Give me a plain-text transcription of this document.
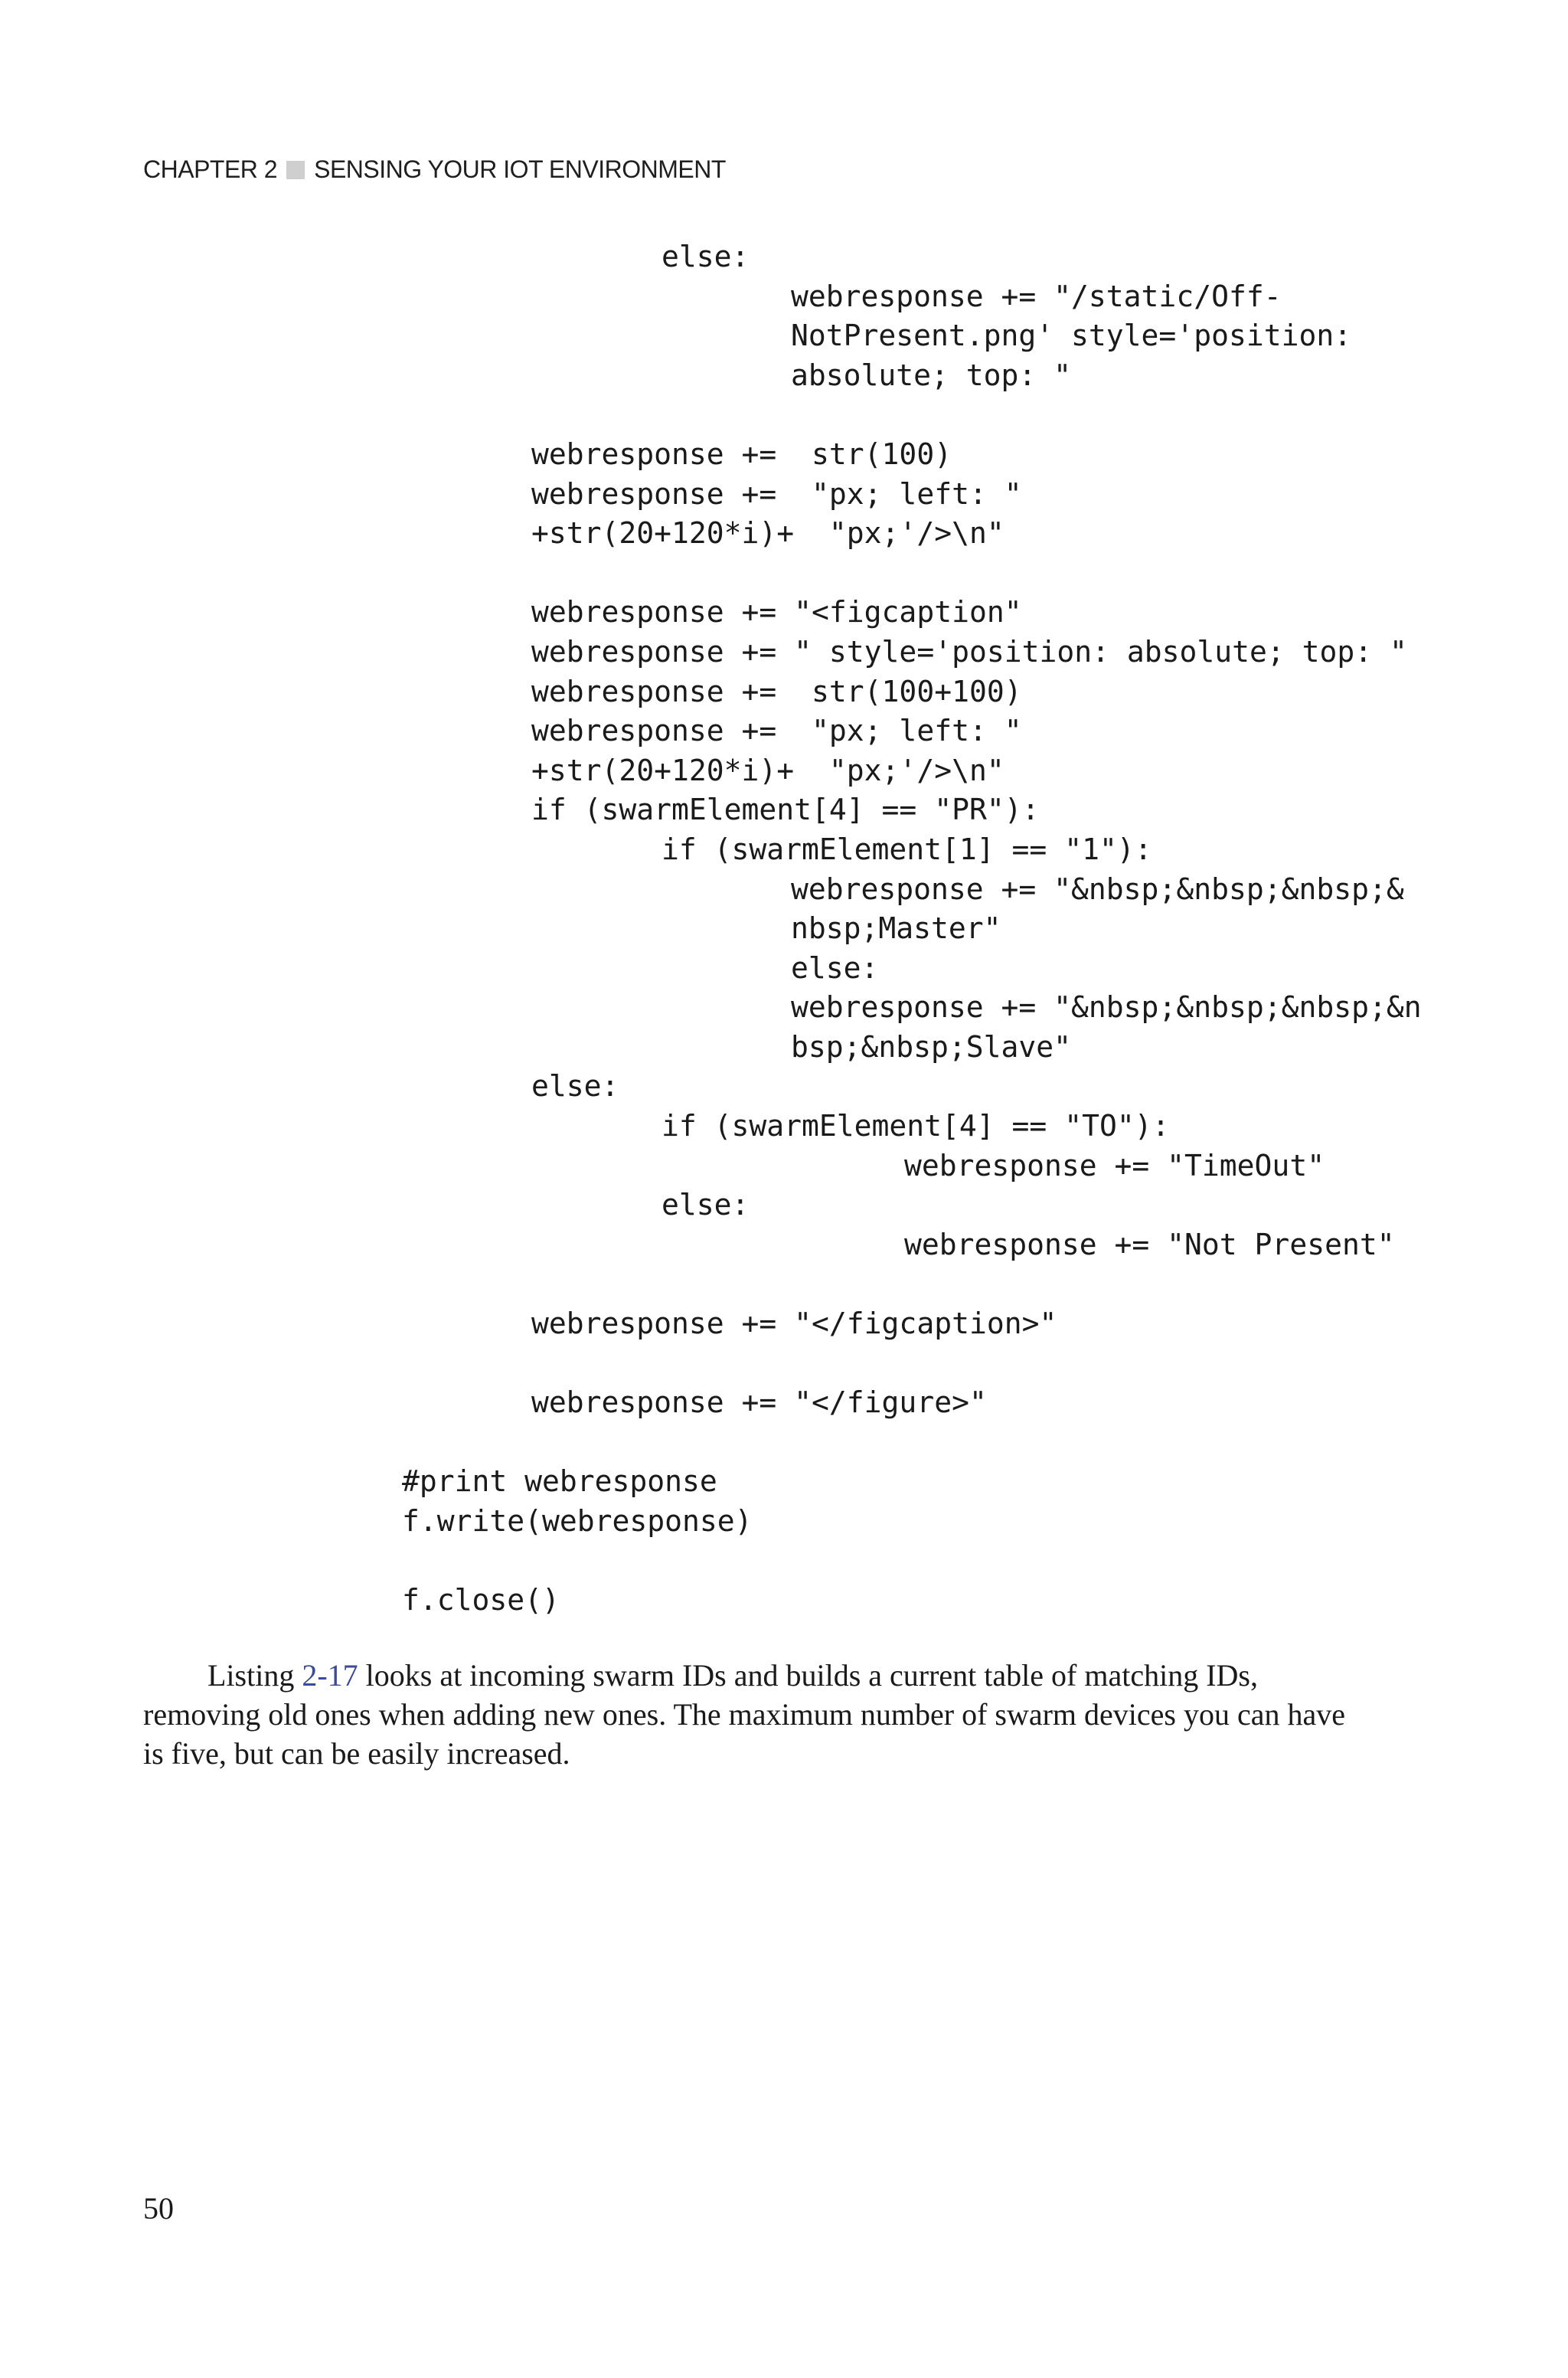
CHAPTER 2 SENSING YOUR IOT ENVIRONMENT
else:
webresponse += "/static/Off-
NotPresent.png' style='position:
absolute; top: "
webresponse +=  str(100)
webresponse +=  "px; left: "
+str(20+120*i)+  "px;'/>\n"
webresponse += "<figcaption"
webresponse += " style='position: absolute; top: "
webresponse +=  str(100+100)
webresponse +=  "px; left: "
+str(20+120*i)+  "px;'/>\n"
if (swarmElement[4] == "PR"):
if (swarmElement[1] == "1"):
webresponse += "&nbsp;&nbsp;&nbsp;&
nbsp;Master"
else:
webresponse += "&nbsp;&nbsp;&nbsp;&n
bsp;&nbsp;Slave"
else:
if (swarmElement[4] == "TO"):
webresponse += "TimeOut"
else:
webresponse += "Not Present"
webresponse += "</figcaption>"
webresponse += "</figure>"
#print webresponse
f.write(webresponse)
f.close()

Listing 2-17 looks at incoming swarm IDs and builds a current table of matching IDs, removing old ones when adding new ones. The maximum number of swarm devices you can have is five, but can be easily increased.

50
